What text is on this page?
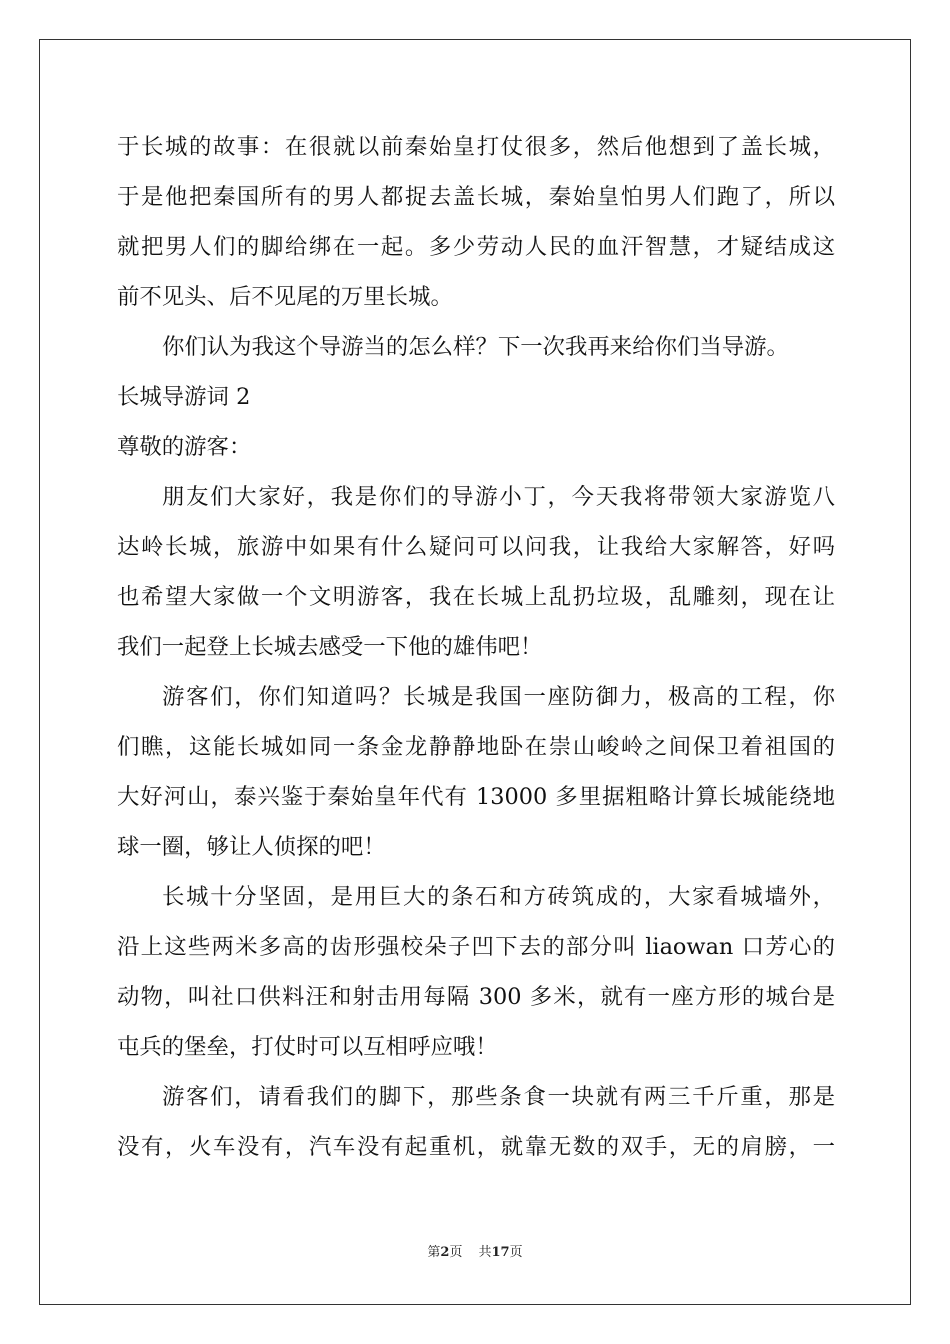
于长城的故事：在很就以前秦始皇打仗很多，然后他想到了盖长城，
于是他把秦国所有的男人都捉去盖长城，秦始皇怕男人们跑了，所以
就把男人们的脚给绑在一起。多少劳动人民的血汗智慧，才疑结成这
前不见头、后不见尾的万里长城。
你们认为我这个导游当的怎么样？下一次我再来给你们当导游。
长城导游词 2
尊敬的游客：
朋友们大家好，我是你们的导游小丁，今天我将带领大家游览八
达岭长城，旅游中如果有什么疑问可以问我，让我给大家解答，好吗
也希望大家做一个文明游客，我在长城上乱扔垃圾，乱雕刻，现在让
我们一起登上长城去感受一下他的雄伟吧！
游客们，你们知道吗？长城是我国一座防御力，极高的工程，你
们瞧，这能长城如同一条金龙静静地卧在崇山峻岭之间保卫着祖国的
大好河山，泰兴鉴于秦始皇年代有 13000 多里据粗略计算长城能绕地
球一圈，够让人侦探的吧！
长城十分坚固，是用巨大的条石和方砖筑成的，大家看城墙外，
沿上这些两米多高的齿形强校朵子凹下去的部分叫 liaowan 口芳心的
动物，叫社口供料汪和射击用每隔 300 多米，就有一座方形的城台是
屯兵的堡垒，打仗时可以互相呼应哦！
游客们，请看我们的脚下，那些条食一块就有两三千斤重，那是
没有，火车没有，汽车没有起重机，就靠无数的双手，无的肩膀，一
第2页 共17页
